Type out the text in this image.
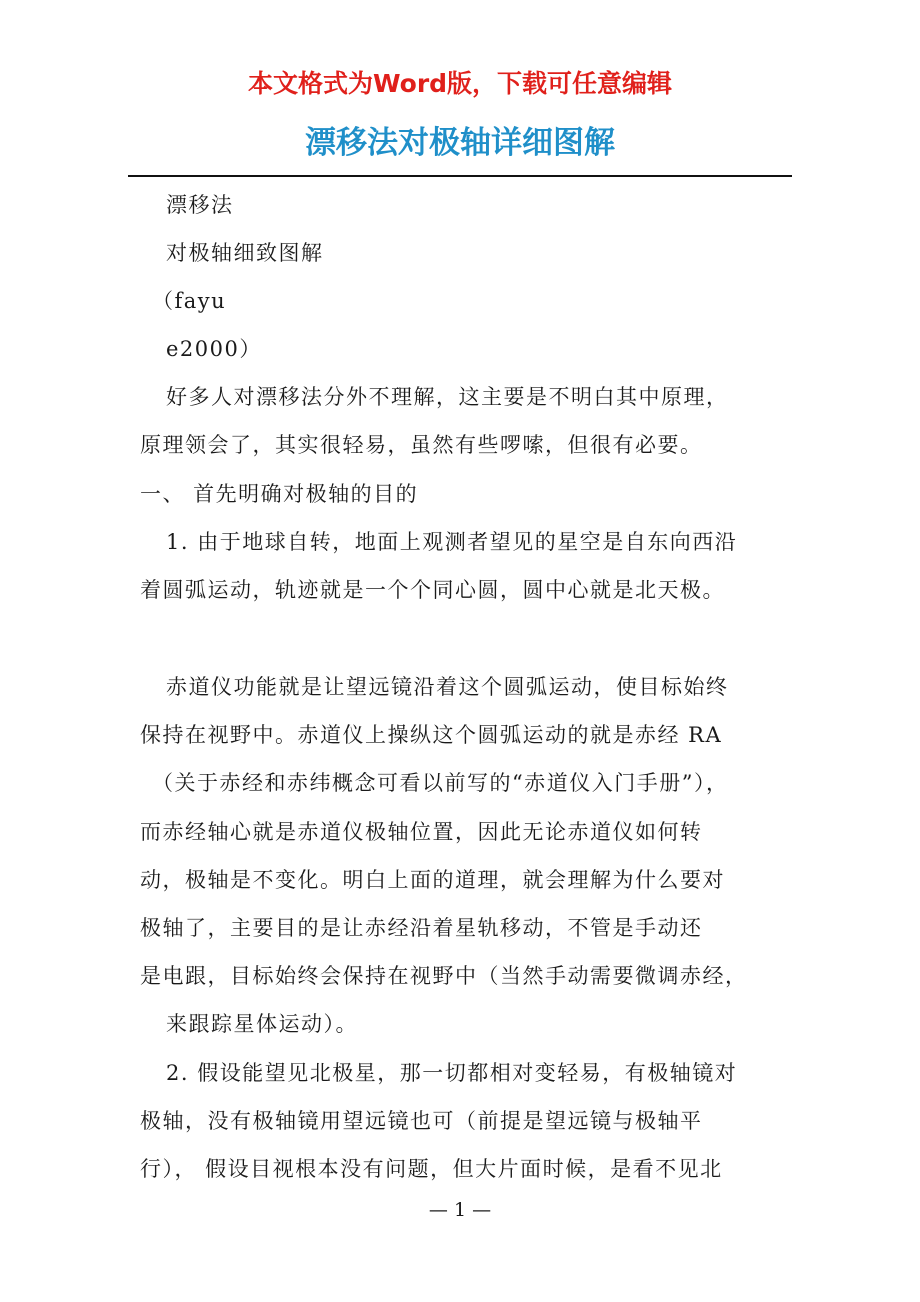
本文格式为Word版，下载可任意编辑
漂移法对极轴详细图解
漂移法
对极轴细致图解
（fayu
e2000）
好多人对漂移法分外不理解，这主要是不明白其中原理，
原理领会了，其实很轻易，虽然有些啰嗦，但很有必要。
一、 首先明确对极轴的目的
1. 由于地球自转，地面上观测者望见的星空是自东向西沿
着圆弧运动，轨迹就是一个个同心圆，圆中心就是北天极。
赤道仪功能就是让望远镜沿着这个圆弧运动，使目标始终
保持在视野中。赤道仪上操纵这个圆弧运动的就是赤经 RA
（关于赤经和赤纬概念可看以前写的“赤道仪入门手册”），
而赤经轴心就是赤道仪极轴位置，因此无论赤道仪如何转
动，极轴是不变化。明白上面的道理，就会理解为什么要对
极轴了，主要目的是让赤经沿着星轨移动，不管是手动还
是电跟，目标始终会保持在视野中（当然手动需要微调赤经，
来跟踪星体运动）。
2. 假设能望见北极星，那一切都相对变轻易，有极轴镜对
极轴，没有极轴镜用望远镜也可（前提是望远镜与极轴平
行）， 假设目视根本没有问题，但大片面时候，是看不见北
— 1 —
